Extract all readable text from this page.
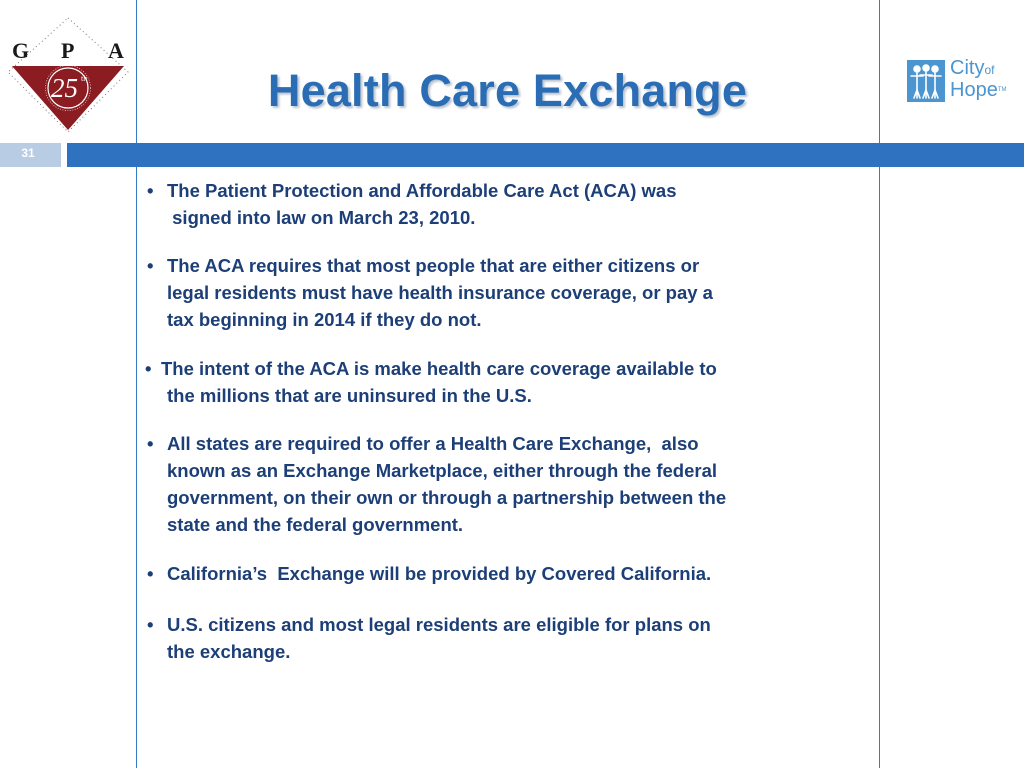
G P A
25 th	Health Care Exchange	Cityof
Hope™
31
• The Patient Protection and Affordable Care Act (ACA) was
signed into law on March 23, 2010.
• The ACA requires that most people that are either citizens or
legal residents must have health insurance coverage, or pay a
tax beginning in 2014 if they do not.
• The intent of the ACA is make health care coverage available to
the millions that are uninsured in the U.S.
• All states are required to offer a Health Care Exchange,  also
known as an Exchange Marketplace, either through the federal
government, on their own or through a partnership between the
state and the federal government.
• California’s  Exchange will be provided by Covered California.
• U.S. citizens and most legal residents are eligible for plans on
the exchange.
